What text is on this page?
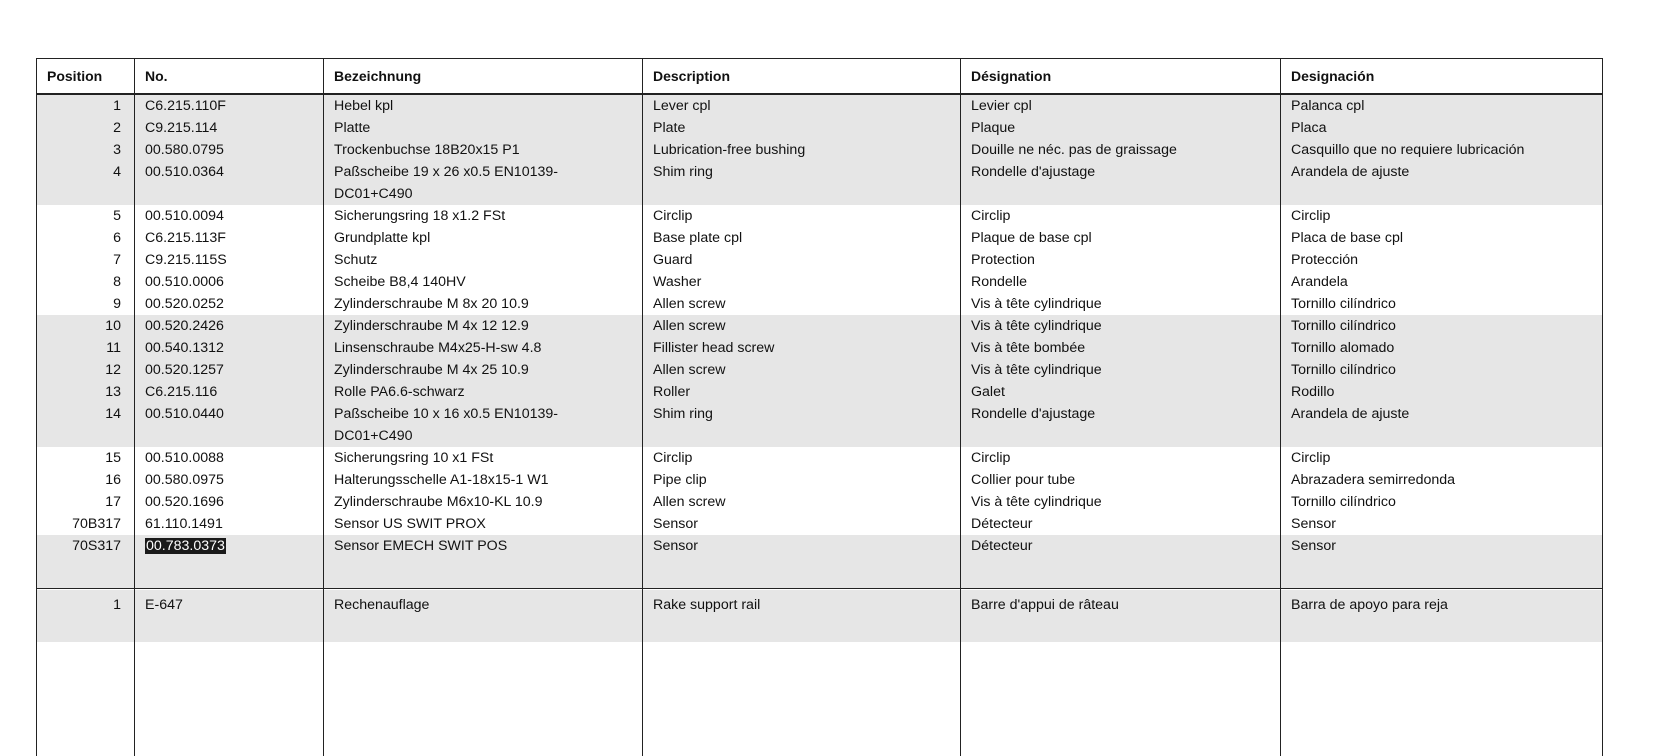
Position	No.	Bezeichnung	Description	Désignation	Designación
1 C6.215.110F	Hebel kpl	Lever cpl	Levier cpl	Palanca cpl
2 C9.215.114	Platte	Plate	Plaque	Placa
3 00.580.0795	Trockenbuchse 18B20x15 P1	Lubrication-free bushing	Douille ne néc. pas de graissage	Casquillo que no requiere lubricación
4 00.510.0364	Paßscheibe 19 x 26 x0.5 EN10139-	Shim ring	Rondelle d'ajustage	Arandela de ajuste
DC01+C490
5 00.510.0094	Sicherungsring 18 x1.2 FSt	Circlip	Circlip	Circlip
6 C6.215.113F	Grundplatte kpl	Base plate cpl	Plaque de base cpl	Placa de base cpl
7 C9.215.115S	Schutz	Guard	Protection	Protección
8 00.510.0006	Scheibe B8,4 140HV	Washer	Rondelle	Arandela
9 00.520.0252	Zylinderschraube M 8x 20 10.9	Allen screw	Vis à tête cylindrique	Tornillo cilíndrico
10 00.520.2426	Zylinderschraube M 4x 12 12.9	Allen screw	Vis à tête cylindrique	Tornillo cilíndrico
11 00.540.1312	Linsenschraube M4x25-H-sw 4.8	Fillister head screw	Vis à tête bombée	Tornillo alomado
12 00.520.1257	Zylinderschraube M 4x 25 10.9	Allen screw	Vis à tête cylindrique	Tornillo cilíndrico
13 C6.215.116	Rolle PA6.6-schwarz	Roller	Galet	Rodillo
14 00.510.0440	Paßscheibe 10 x 16 x0.5 EN10139-	Shim ring	Rondelle d'ajustage	Arandela de ajuste
DC01+C490
15 00.510.0088	Sicherungsring 10 x1 FSt	Circlip	Circlip	Circlip
16 00.580.0975	Halterungsschelle A1-18x15-1 W1	Pipe clip	Collier pour tube	Abrazadera semirredonda
17 00.520.1696	Zylinderschraube M6x10-KL 10.9	Allen screw	Vis à tête cylindrique	Tornillo cilíndrico
70B317 61.110.1491	Sensor US SWIT PROX	Sensor	Détecteur	Sensor
70S317 00.783.0373	Sensor EMECH SWIT POS	Sensor	Détecteur	Sensor
1 E-647	Rechenauflage	Rake support rail	Barre d'appui de râteau	Barra de apoyo para reja
